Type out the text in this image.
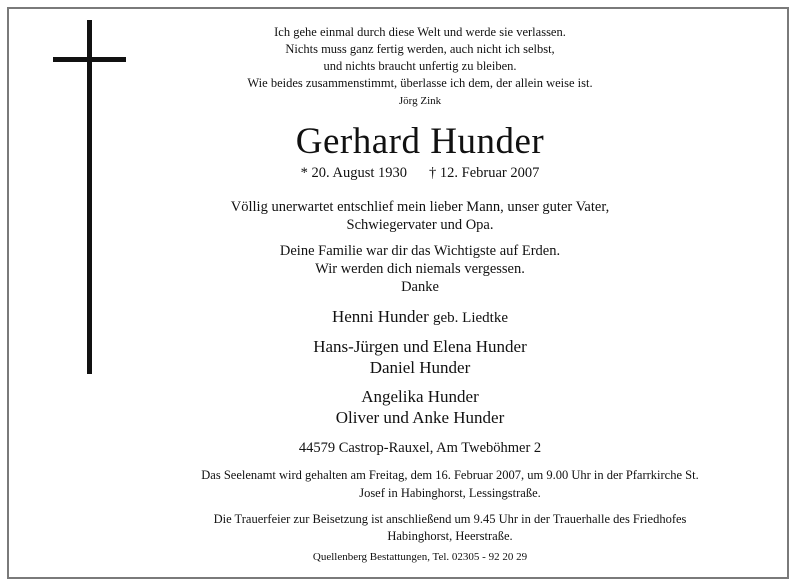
Ich gehe einmal durch diese Welt und werde sie verlassen.
Nichts muss ganz fertig werden, auch nicht ich selbst,
und nichts braucht unfertig zu bleiben.
Wie beides zusammenstimmt, überlasse ich dem, der allein weise ist.
Jörg Zink
Gerhard Hunder
* 20. August 1930 † 12. Februar 2007
Völlig unerwartet entschlief mein lieber Mann, unser guter Vater,
Schwiegervater und Opa.
Deine Familie war dir das Wichtigste auf Erden.
Wir werden dich niemals vergessen.
Danke
Henni Hunder geb. Liedtke
Hans-Jürgen und Elena Hunder
Daniel Hunder
Angelika Hunder
Oliver und Anke Hunder
44579 Castrop-Rauxel, Am Tweböhmer 2
Das Seelenamt wird gehalten am Freitag, dem 16. Februar 2007, um 9.00 Uhr in der Pfarrkirche St.
Josef in Habinghorst, Lessingstraße.
Die Trauerfeier zur Beisetzung ist anschließend um 9.45 Uhr in der Trauerhalle des Friedhofes
Habinghorst, Heerstraße.
Quellenberg Bestattungen, Tel. 02305 - 92 20 29
